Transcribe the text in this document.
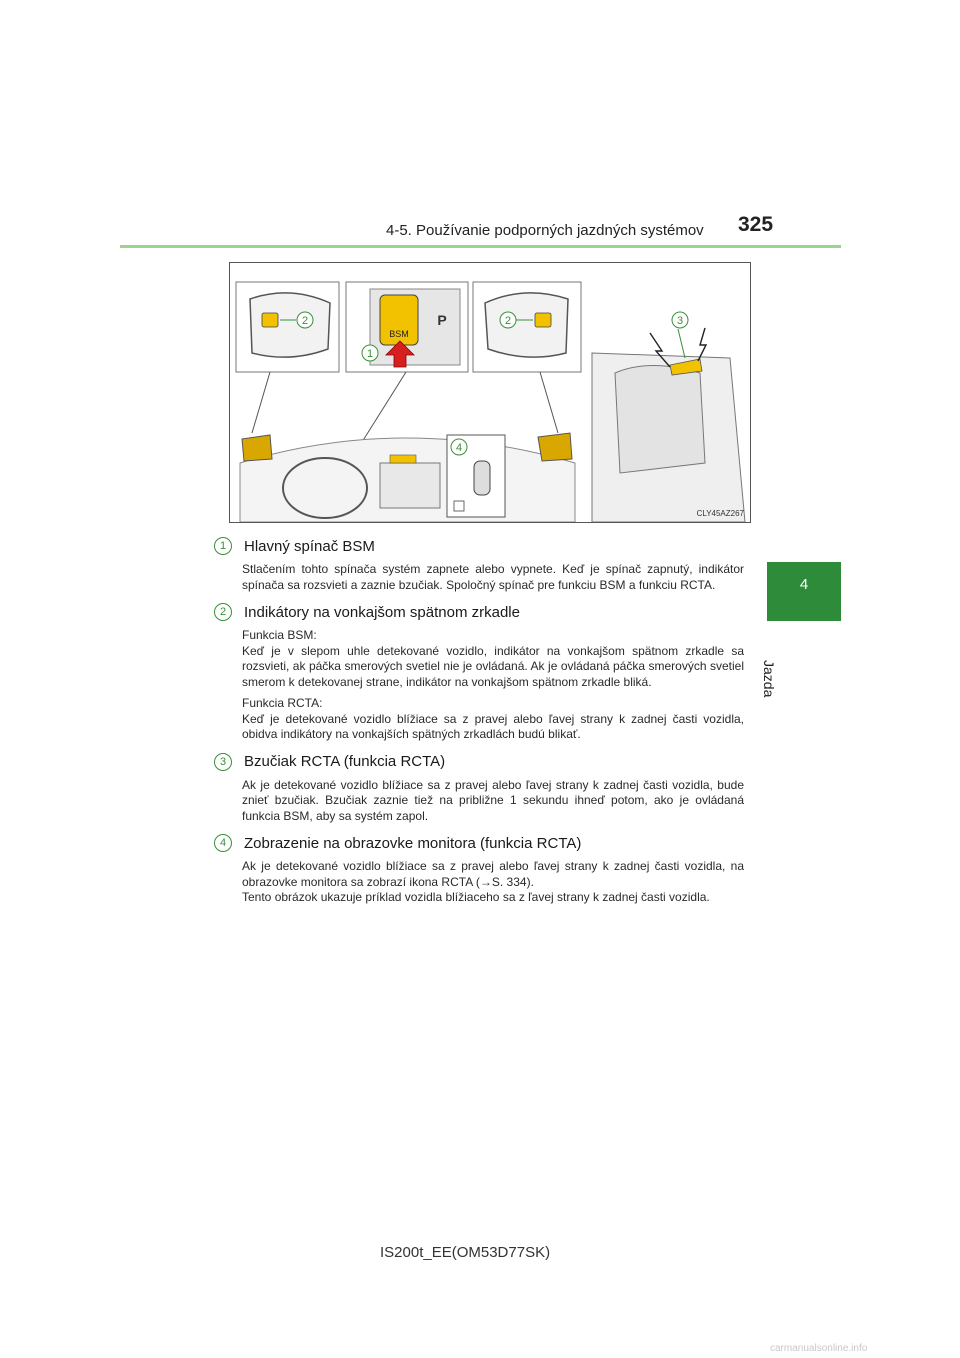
4-5. Používanie podporných jazdných systémov 325
4
Jazda
2
BSM
P
1
2
4
3
CLY45AZ267
1	Hlavný spínač BSM

Stlačením tohto spínača systém zapnete alebo vypnete. Keď je spínač zapnutý, indikátor spínača sa rozsvieti a zaznie bzučiak. Spoločný spínač pre funkciu BSM a funkciu RCTA.

2	Indikátory na vonkajšom spätnom zrkadle

Funkcia BSM:

Keď je v slepom uhle detekované vozidlo, indikátor na vonkajšom spätnom zrkadle sa rozsvieti, ak páčka smerových svetiel nie je ovládaná. Ak je ovládaná páčka smerových svetiel smerom k detekovanej strane, indikátor na vonkajšom spätnom zrkadle bliká.

Funkcia RCTA:

Keď je detekované vozidlo blížiace sa z pravej alebo ľavej strany k zadnej časti vozidla, obidva indikátory na vonkajších spätných zrkadlách budú blikať.

3	Bzučiak RCTA (funkcia RCTA)

Ak je detekované vozidlo blížiace sa z pravej alebo ľavej strany k zadnej časti vozidla, bude znieť bzučiak. Bzučiak zaznie tiež na približne 1 sekundu ihneď potom, ako je ovládaná funkcia BSM, aby sa systém zapol.

4	Zobrazenie na obrazovke monitora (funkcia RCTA)

Ak je detekované vozidlo blížiace sa z pravej alebo ľavej strany k zadnej časti vozidla, na obrazovke monitora sa zobrazí ikona RCTA (→S. 334).

Tento obrázok ukazuje príklad vozidla blížiaceho sa z ľavej strany k zadnej časti vozidla.

IS200t_EE(OM53D77SK)
carmanualsonline.info
